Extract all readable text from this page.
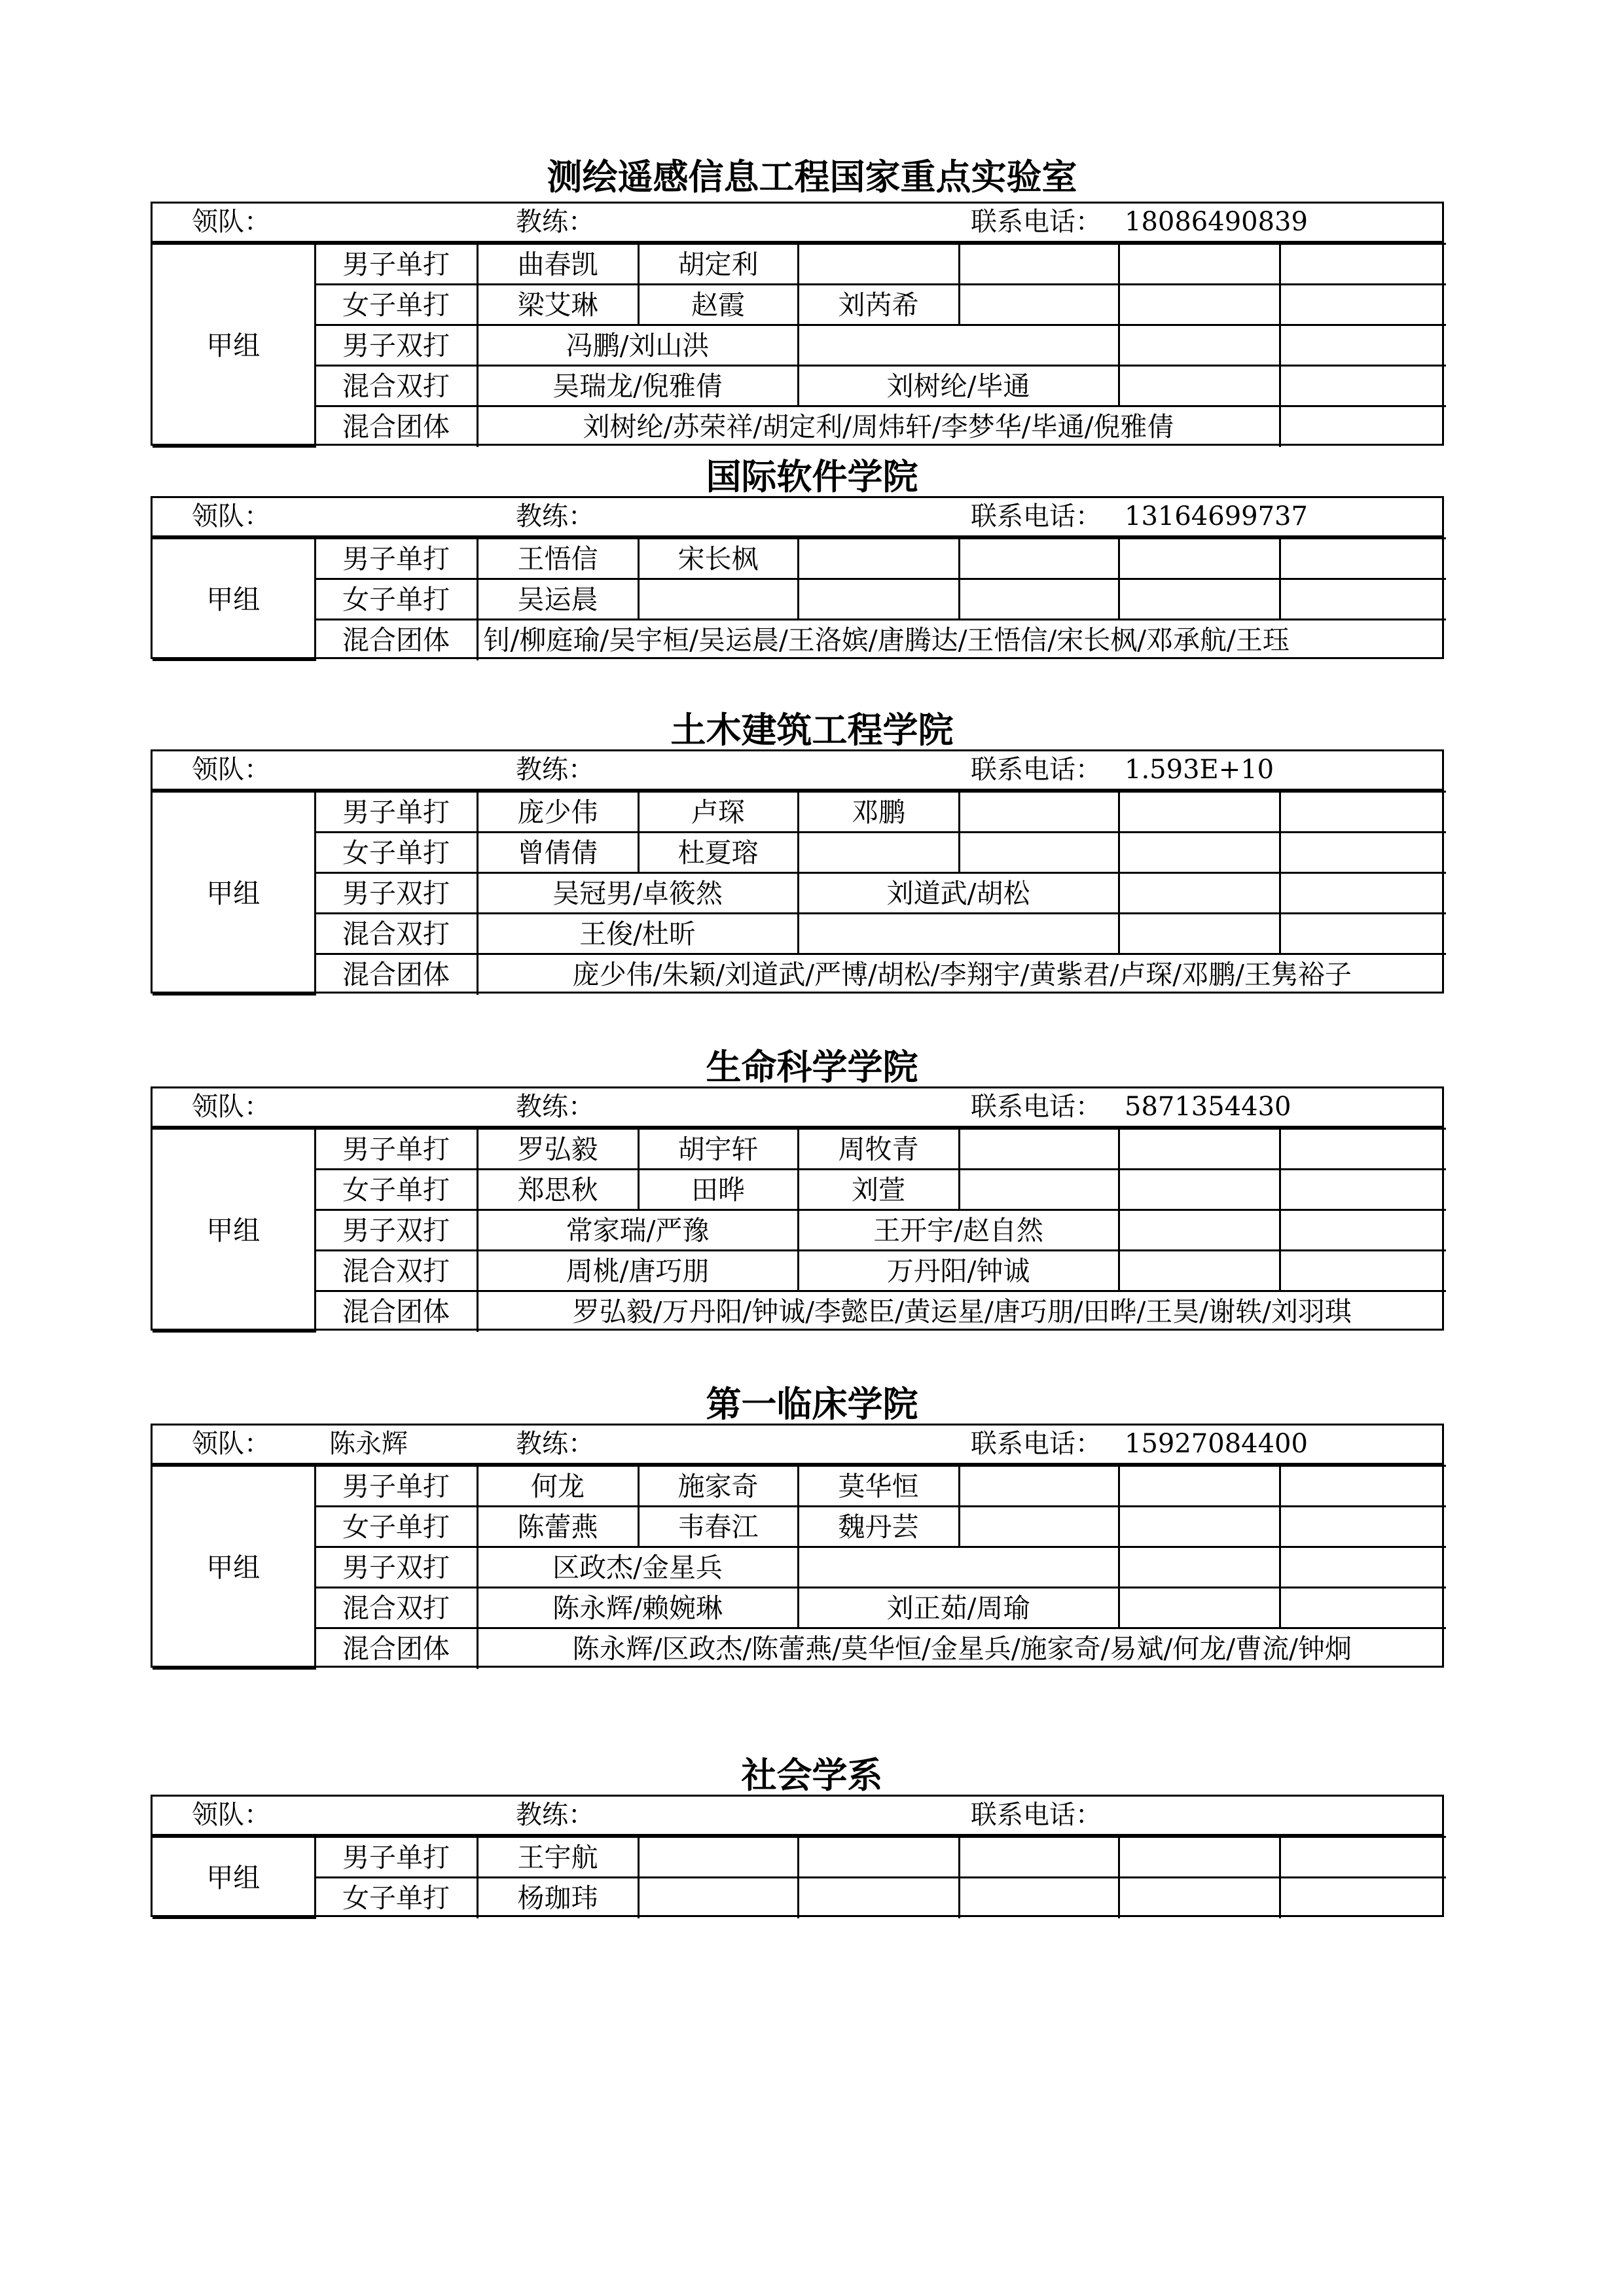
测绘遥感信息工程国家重点实验室
领队：	教练：	联系电话： 18086490839
甲组	男子单打	曲春凯	胡定利				
	女子单打	梁艾琳	赵霞	刘芮希			
	男子双打	冯鹏/刘山洪					
	混合双打	吴瑞龙/倪雅倩		刘树纶/毕通			
	混合团体	刘树纶/苏荣祥/胡定利/周炜轩/李梦华/毕通/倪雅倩					
国际软件学院
领队：	教练：	联系电话： 13164699737
甲组	男子单打	王悟信	宋长枫				
	女子单打	吴运晨					
	混合团体	钊/柳庭瑜/吴宇桓/吴运晨/王洛嫔/唐腾达/王悟信/宋长枫/邓承航/王珏					
土木建筑工程学院
领队：	教练：	联系电话： 1.593E+10
甲组	男子单打	庞少伟	卢琛	邓鹏			
	女子单打	曾倩倩	杜夏瑢				
	男子双打	吴冠男/卓筱然		刘道武/胡松			
	混合双打	王俊/杜昕					
	混合团体	庞少伟/朱颖/刘道武/严博/胡松/李翔宇/黄紫君/卢琛/邓鹏/王隽裕子					
生命科学学院
领队：	教练：	联系电话： 5871354430
甲组	男子单打	罗弘毅	胡宇轩	周牧青			
	女子单打	郑思秋	田晔	刘萱			
	男子双打	常家瑞/严豫		王开宇/赵自然			
	混合双打	周桃/唐巧朋		万丹阳/钟诚			
	混合团体	罗弘毅/万丹阳/钟诚/李懿臣/黄运星/唐巧朋/田晔/王昊/谢轶/刘羽琪					
第一临床学院
领队： 陈永辉	教练：	联系电话： 15927084400
甲组	男子单打	何龙	施家奇	莫华恒			
	女子单打	陈蕾燕	韦春江	魏丹芸			
	男子双打	区政杰/金星兵					
	混合双打	陈永辉/赖婉琳		刘正茹/周瑜			
	混合团体	陈永辉/区政杰/陈蕾燕/莫华恒/金星兵/施家奇/易斌/何龙/曹流/钟炯					
社会学系
领队：	教练：	联系电话：
甲组	男子单打	王宇航					
	女子单打	杨珈玮					
